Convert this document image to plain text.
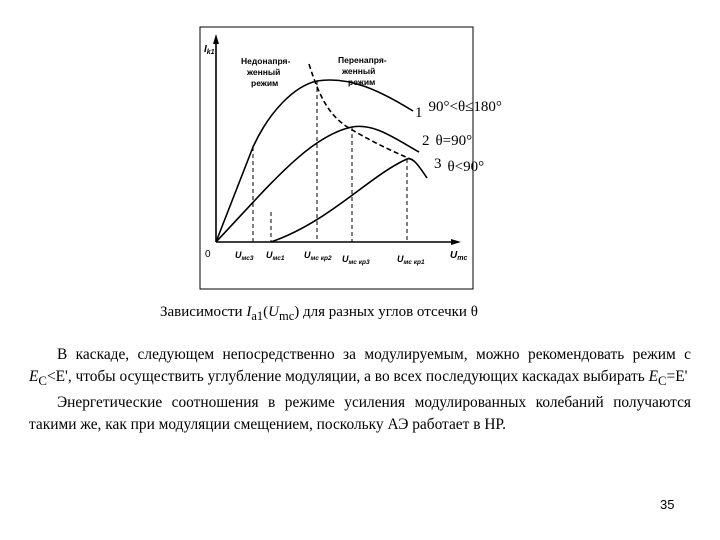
$I_{k1}$
0	$U_{mc}$
Недонапря- женный режим
Перенапря- женный режим
1 90°<θ≤180°
2 θ=90°
3 θ<90°
$U_{мс3}$ $U_{мс1}$ $U_{мс кр2}$ $U_{мс кр3}$	$U_{мс кр1}$
Зависимости $I_{a1}(U_{mc})$ для разных углов отсечки θ

В каскаде, следующем непосредственно за модулируемым, можно рекомендовать режим с $E_C<E'$, чтобы осуществить углубление модуляции, а во всех последующих каскадах выбирать $E_C=E'$

Энергетические соотношения в режиме усиления модулированных колебаний получаются такими же, как при модуляции смещением, поскольку АЭ работает в НР.

35
